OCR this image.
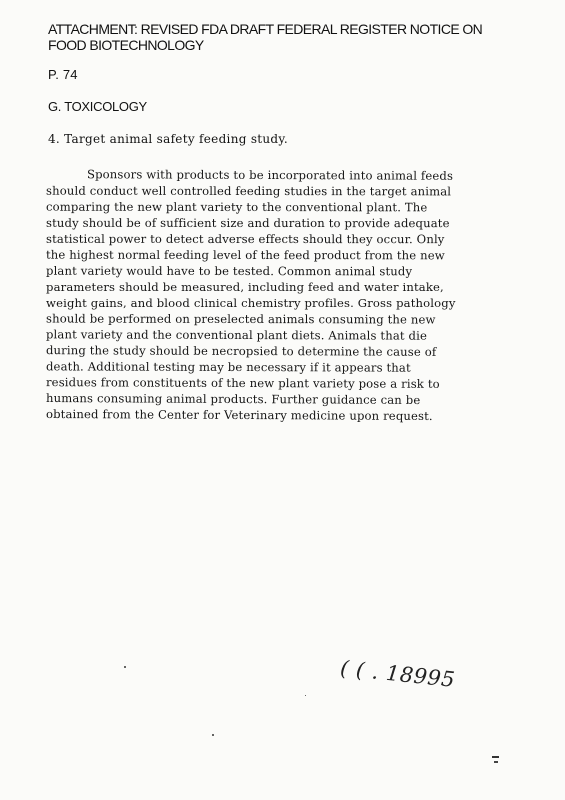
ATTACHMENT: REVISED FDA DRAFT FEDERAL REGISTER NOTICE ON
FOOD BIOTECHNOLOGY
P. 74
G. TOXICOLOGY
4. Target animal safety feeding study.
Sponsors with products to be incorporated into animal feeds
should conduct well controlled feeding studies in the target animal
comparing the new plant variety to the conventional plant. The
study should be of sufficient size and duration to provide adequate
statistical power to detect adverse effects should they occur. Only
the highest normal feeding level of the feed product from the new
plant variety would have to be tested. Common animal study
parameters should be measured, including feed and water intake,
weight gains, and blood clinical chemistry profiles. Gross pathology
should be performed on preselected animals consuming the new
plant variety and the conventional plant diets. Animals that die
during the study should be necropsied to determine the cause of
death. Additional testing may be necessary if it appears that
residues from constituents of the new plant variety pose a risk to
humans consuming animal products. Further guidance can be
obtained from the Center for Veterinary medicine upon request.
( ( . 18995
